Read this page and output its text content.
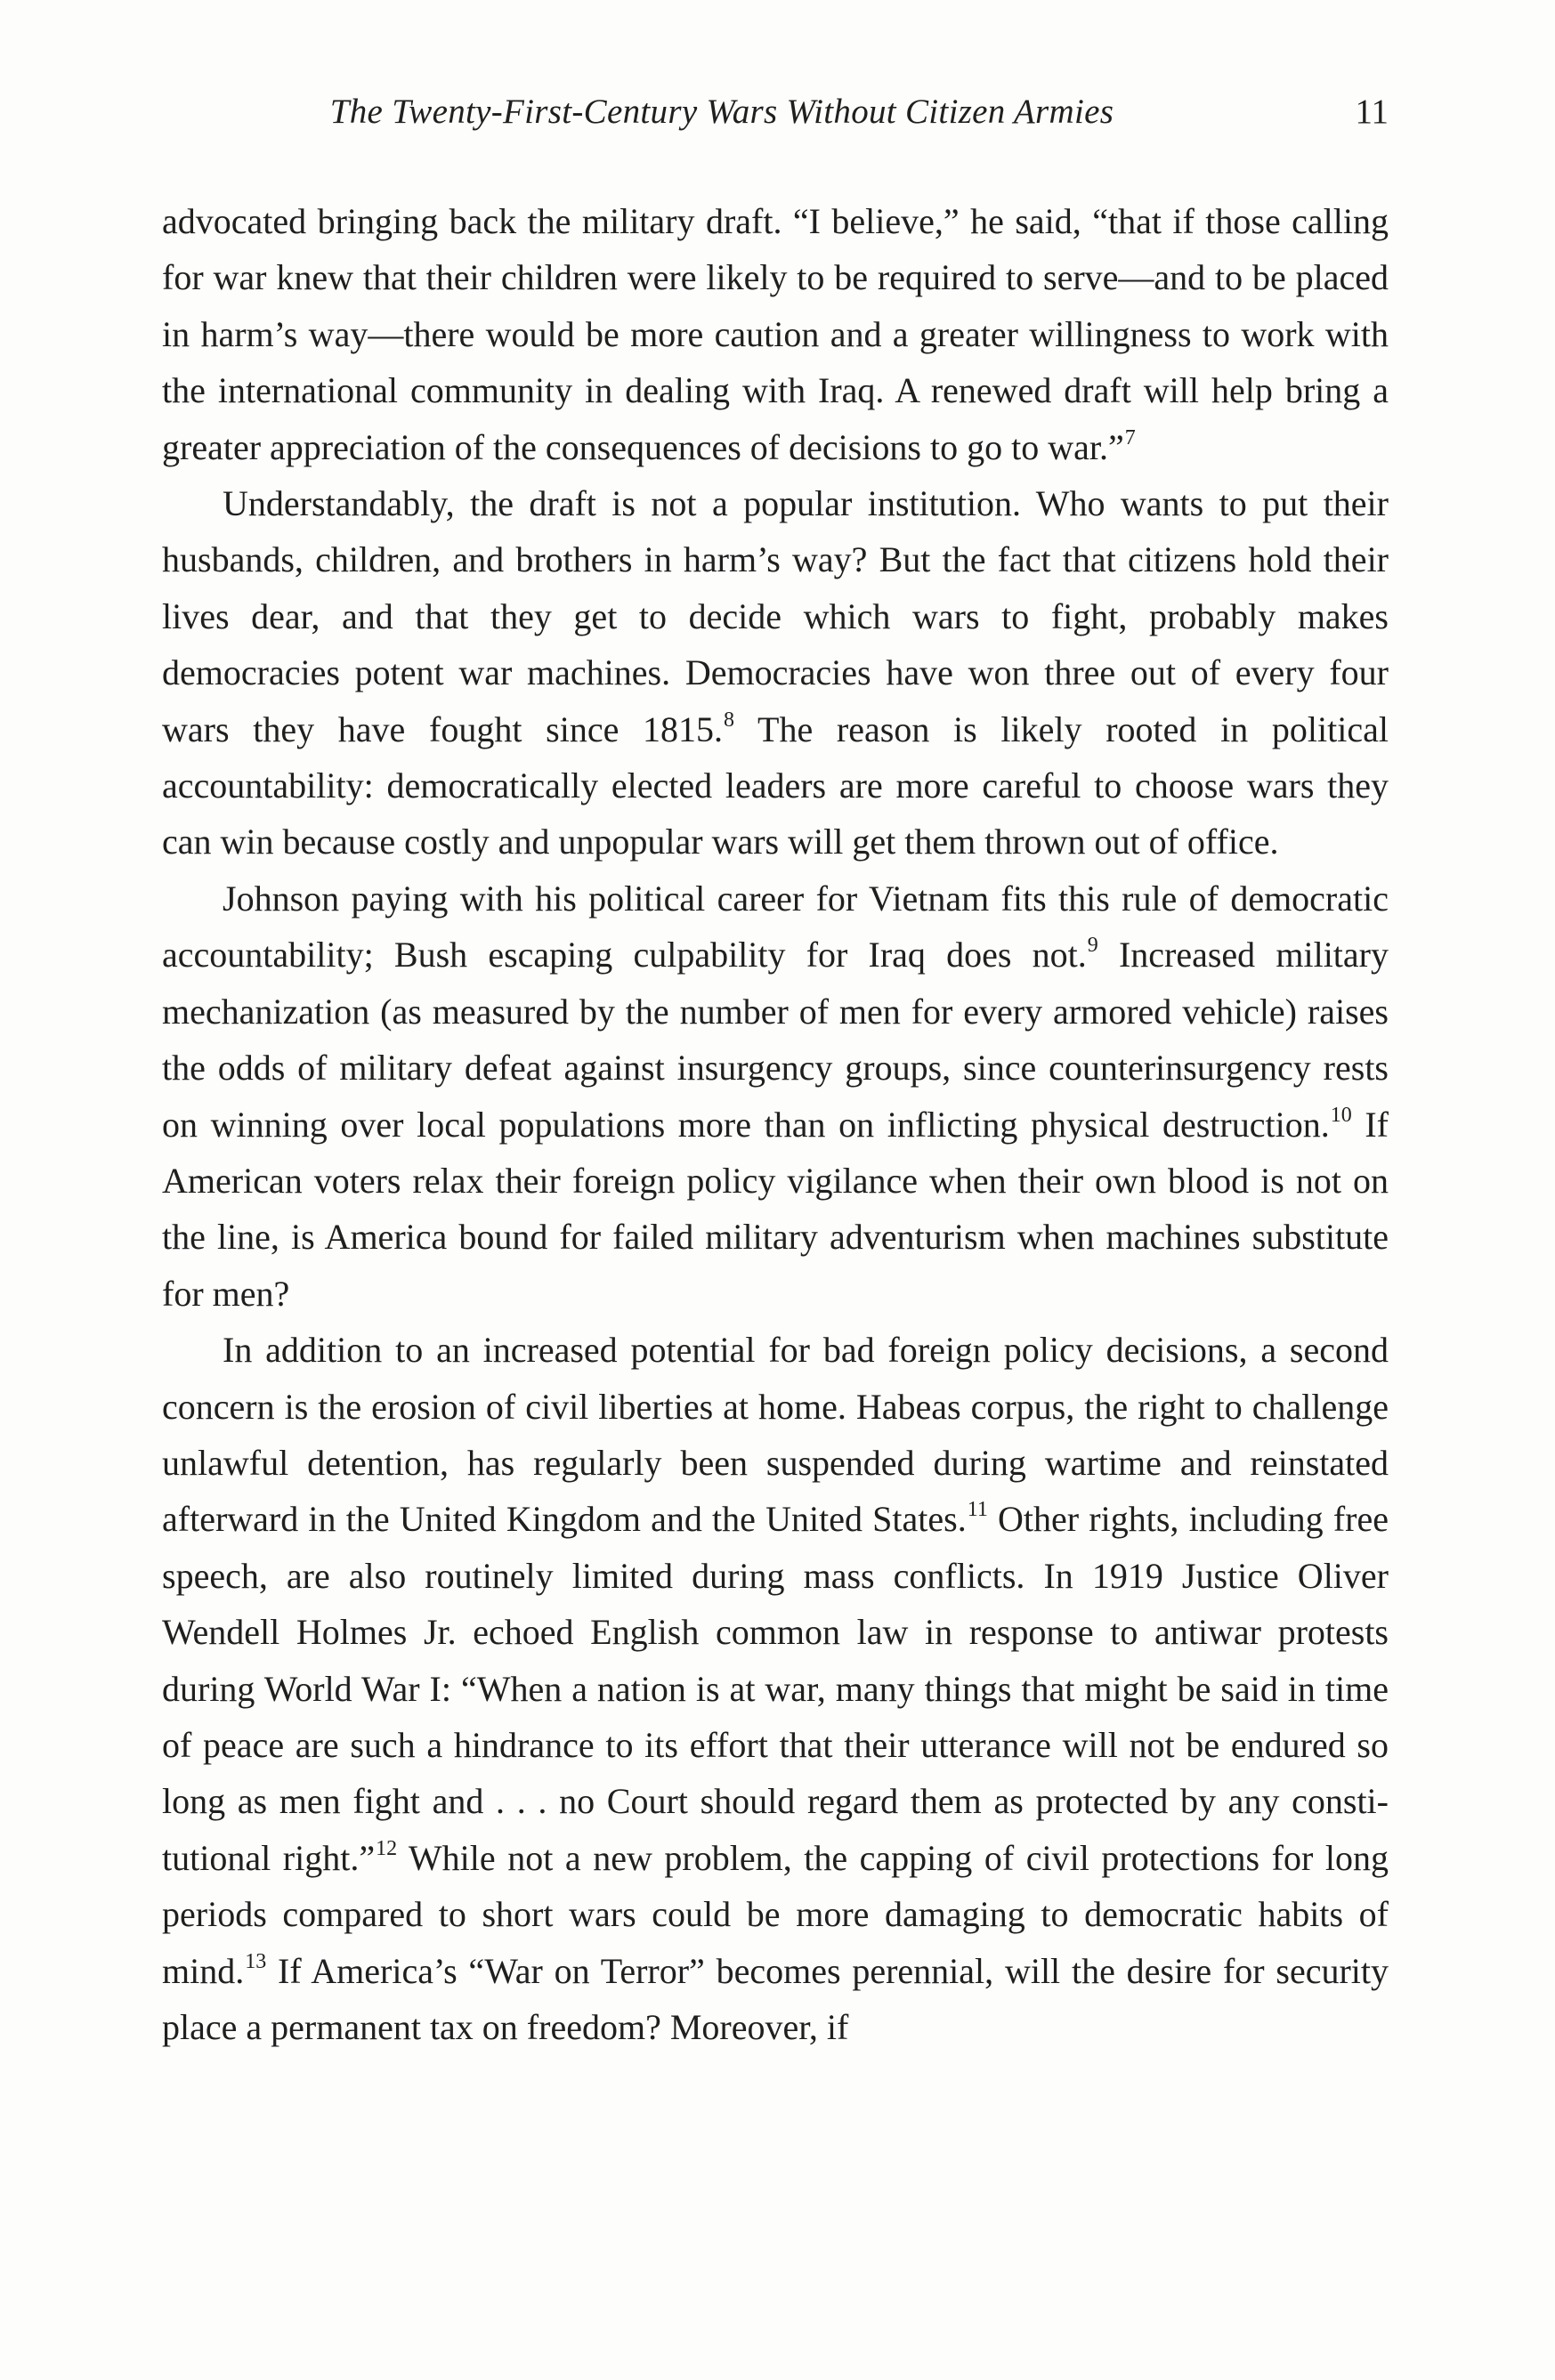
The Twenty-First-Century Wars Without Citizen Armies	11

advocated bringing back the military draft. “I believe,” he said, “that if those calling for war knew that their children were likely to be required to serve—and to be placed in harm’s way—there would be more caution and a greater willingness to work with the international community in dealing with Iraq. A renewed draft will help bring a greater appreciation of the consequences of decisions to go to war.”$^7$

Understandably, the draft is not a popular institution. Who wants to put their husbands, children, and brothers in harm’s way? But the fact that citizens hold their lives dear, and that they get to decide which wars to fight, probably makes democracies potent war machines. Democracies have won three out of every four wars they have fought since 1815.$^8$ The reason is likely rooted in political accountability: democratically elected leaders are more careful to choose wars they can win because costly and unpopular wars will get them thrown out of office.

Johnson paying with his political career for Vietnam fits this rule of democratic accountability; Bush escaping culpability for Iraq does not.$^9$ Increased military mechanization (as measured by the number of men for every armored vehicle) raises the odds of military defeat against insurgency groups, since counterinsurgency rests on winning over local populations more than on inflicting physical destruction.$^{10}$ If American voters relax their foreign policy vigilance when their own blood is not on the line, is America bound for failed military adventurism when machines substitute for men?

In addition to an increased potential for bad foreign policy decisions, a second concern is the erosion of civil liberties at home. Habeas corpus, the right to challenge unlawful detention, has regularly been suspended during wartime and reinstated afterward in the United Kingdom and the United States.$^{11}$ Other rights, including free speech, are also routinely limited during mass conflicts. In 1919 Justice Oliver Wendell Holmes Jr. echoed English common law in response to antiwar protests during World War I: “When a nation is at war, many things that might be said in time of peace are such a hindrance to its effort that their utterance will not be endured so long as men fight and . . . no Court should regard them as protected by any constitutional right.”$^{12}$ While not a new problem, the capping of civil protections for long periods compared to short wars could be more damaging to democratic habits of mind.$^{13}$ If America’s “War on Terror” becomes perennial, will the desire for security place a permanent tax on freedom? Moreover, if
